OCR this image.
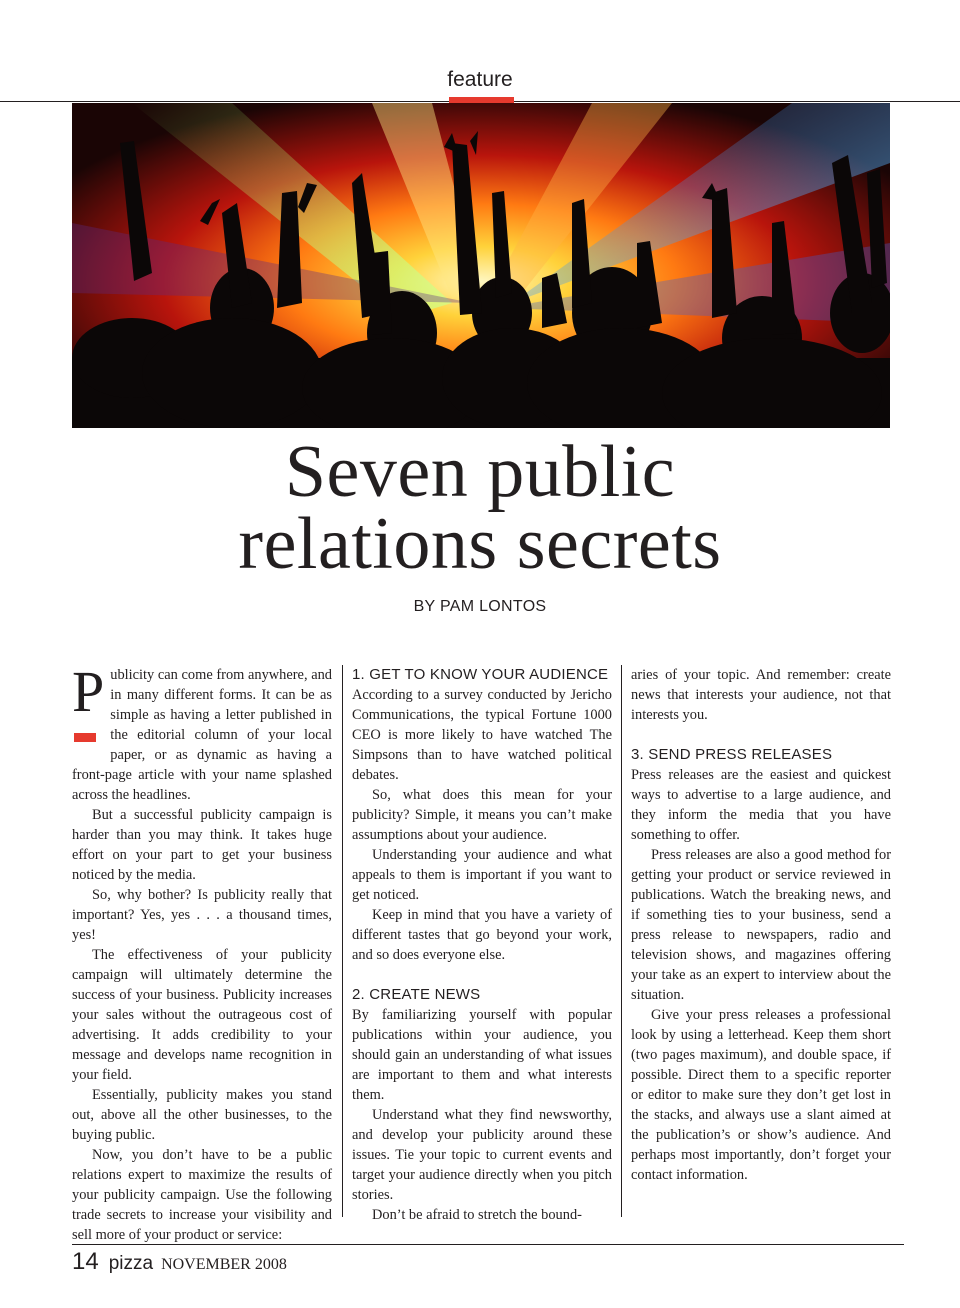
feature
Seven public
relations secrets
BY PAM LONTOS
P ublicity can come from anywhere, and in many different forms. It can be as simple as having a letter published in the editorial column of your local paper, or as dynamic as having a front-page article with your name splashed across the headlines.

But a successful publicity campaign is harder than you may think. It takes huge effort on your part to get your business noticed by the media.

So, why bother? Is publicity really that important? Yes, yes . . . a thousand times, yes!

The effectiveness of your publicity campaign will ultimately determine the success of your business. Publicity increases your sales without the outrageous cost of advertising. It adds credibility to your message and develops name recognition in your field.

Essentially, publicity makes you stand out, above all the other businesses, to the buying public.

Now, you don’t have to be a public relations expert to maximize the results of your publicity campaign. Use the following trade secrets to increase your visibility and sell more of your product or service:

1. GET TO KNOW YOUR AUDIENCE

According to a survey conducted by Jericho Communications, the typical Fortune 1000 CEO is more likely to have watched The Simpsons than to have watched political debates.

So, what does this mean for your publicity? Simple, it means you can’t make assumptions about your audience.

Understanding your audience and what appeals to them is important if you want to get noticed.

Keep in mind that you have a variety of different tastes that go beyond your work, and so does everyone else.

2. CREATE NEWS

By familiarizing yourself with popular publications within your audience, you should gain an understanding of what issues are important to them and what interests them.

Understand what they find newsworthy, and develop your publicity around these issues. Tie your topic to current events and target your audience directly when you pitch stories.

Don’t be afraid to stretch the bound-

aries of your topic. And remember: create news that interests your audience, not that interests you.

3. SEND PRESS RELEASES

Press releases are the easiest and quickest ways to advertise to a large audience, and they inform the media that you have something to offer.

Press releases are also a good method for getting your product or service reviewed in publications. Watch the breaking news, and if something ties to your business, send a press release to newspapers, radio and television shows, and magazines offering your take as an expert to interview about the situation.

Give your press releases a professional look by using a letterhead. Keep them short (two pages maximum), and double space, if possible. Direct them to a specific reporter or editor to make sure they don’t get lost in the stacks, and always use a slant aimed at the publication’s or show’s audience. And perhaps most importantly, don’t forget your contact information.

14 pizza NOVEMBER 2008
